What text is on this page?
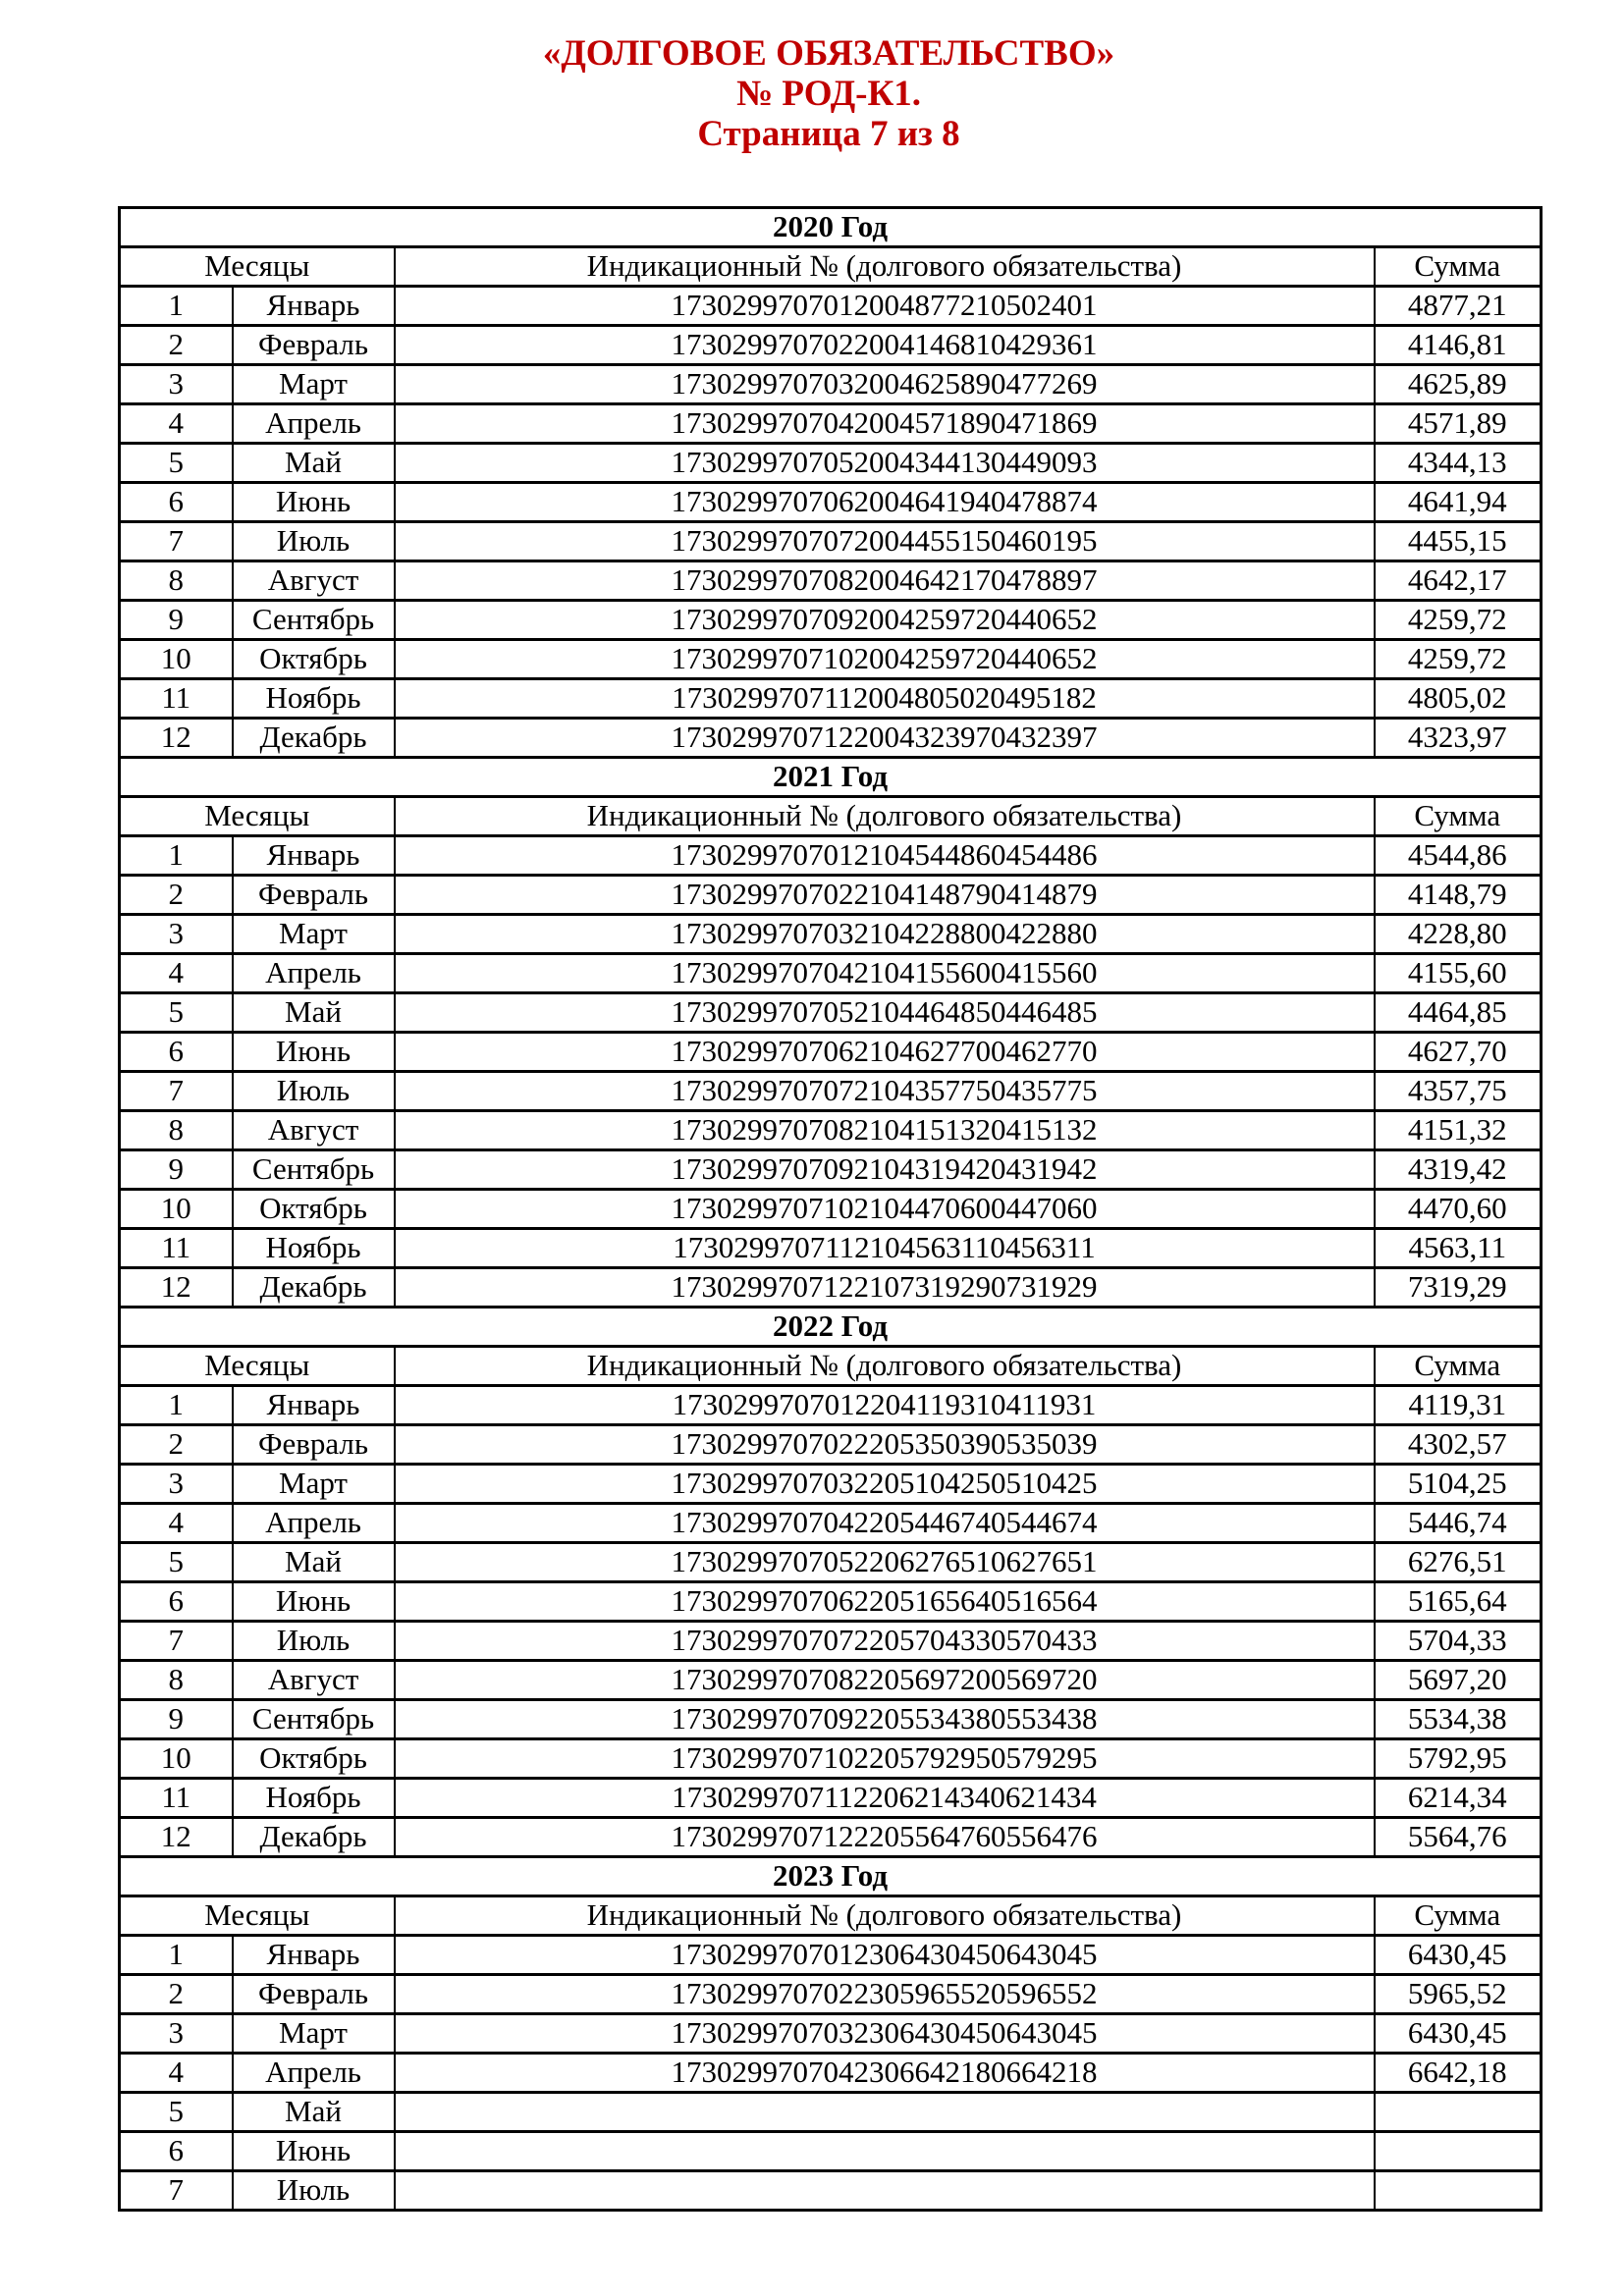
«ДОЛГОВОЕ ОБЯЗАТЕЛЬСТВО»
№ РОД-К1.
Страница 7 из 8
2020 Год			
Месяцы		Индикационный № (долгового обязательства)	Сумма
1	Январь	1730299707012004877210502401	4877,21
2	Февраль	1730299707022004146810429361	4146,81
3	Март	1730299707032004625890477269	4625,89
4	Апрель	1730299707042004571890471869	4571,89
5	Май	1730299707052004344130449093	4344,13
6	Июнь	1730299707062004641940478874	4641,94
7	Июль	1730299707072004455150460195	4455,15
8	Август	1730299707082004642170478897	4642,17
9	Сентябрь	1730299707092004259720440652	4259,72
10	Октябрь	1730299707102004259720440652	4259,72
11	Ноябрь	1730299707112004805020495182	4805,02
12	Декабрь	1730299707122004323970432397	4323,97
2021 Год			
Месяцы		Индикационный № (долгового обязательства)	Сумма
1	Январь	1730299707012104544860454486	4544,86
2	Февраль	1730299707022104148790414879	4148,79
3	Март	1730299707032104228800422880	4228,80
4	Апрель	1730299707042104155600415560	4155,60
5	Май	1730299707052104464850446485	4464,85
6	Июнь	1730299707062104627700462770	4627,70
7	Июль	1730299707072104357750435775	4357,75
8	Август	1730299707082104151320415132	4151,32
9	Сентябрь	1730299707092104319420431942	4319,42
10	Октябрь	1730299707102104470600447060	4470,60
11	Ноябрь	1730299707112104563110456311	4563,11
12	Декабрь	1730299707122107319290731929	7319,29
2022 Год			
Месяцы		Индикационный № (долгового обязательства)	Сумма
1	Январь	1730299707012204119310411931	4119,31
2	Февраль	1730299707022205350390535039	4302,57
3	Март	1730299707032205104250510425	5104,25
4	Апрель	1730299707042205446740544674	5446,74
5	Май	1730299707052206276510627651	6276,51
6	Июнь	1730299707062205165640516564	5165,64
7	Июль	1730299707072205704330570433	5704,33
8	Август	1730299707082205697200569720	5697,20
9	Сентябрь	1730299707092205534380553438	5534,38
10	Октябрь	1730299707102205792950579295	5792,95
11	Ноябрь	1730299707112206214340621434	6214,34
12	Декабрь	1730299707122205564760556476	5564,76
2023 Год			
Месяцы		Индикационный № (долгового обязательства)	Сумма
1	Январь	1730299707012306430450643045	6430,45
2	Февраль	1730299707022305965520596552	5965,52
3	Март	1730299707032306430450643045	6430,45
4	Апрель	1730299707042306642180664218	6642,18
5	Май		
6	Июнь		
7	Июль		
